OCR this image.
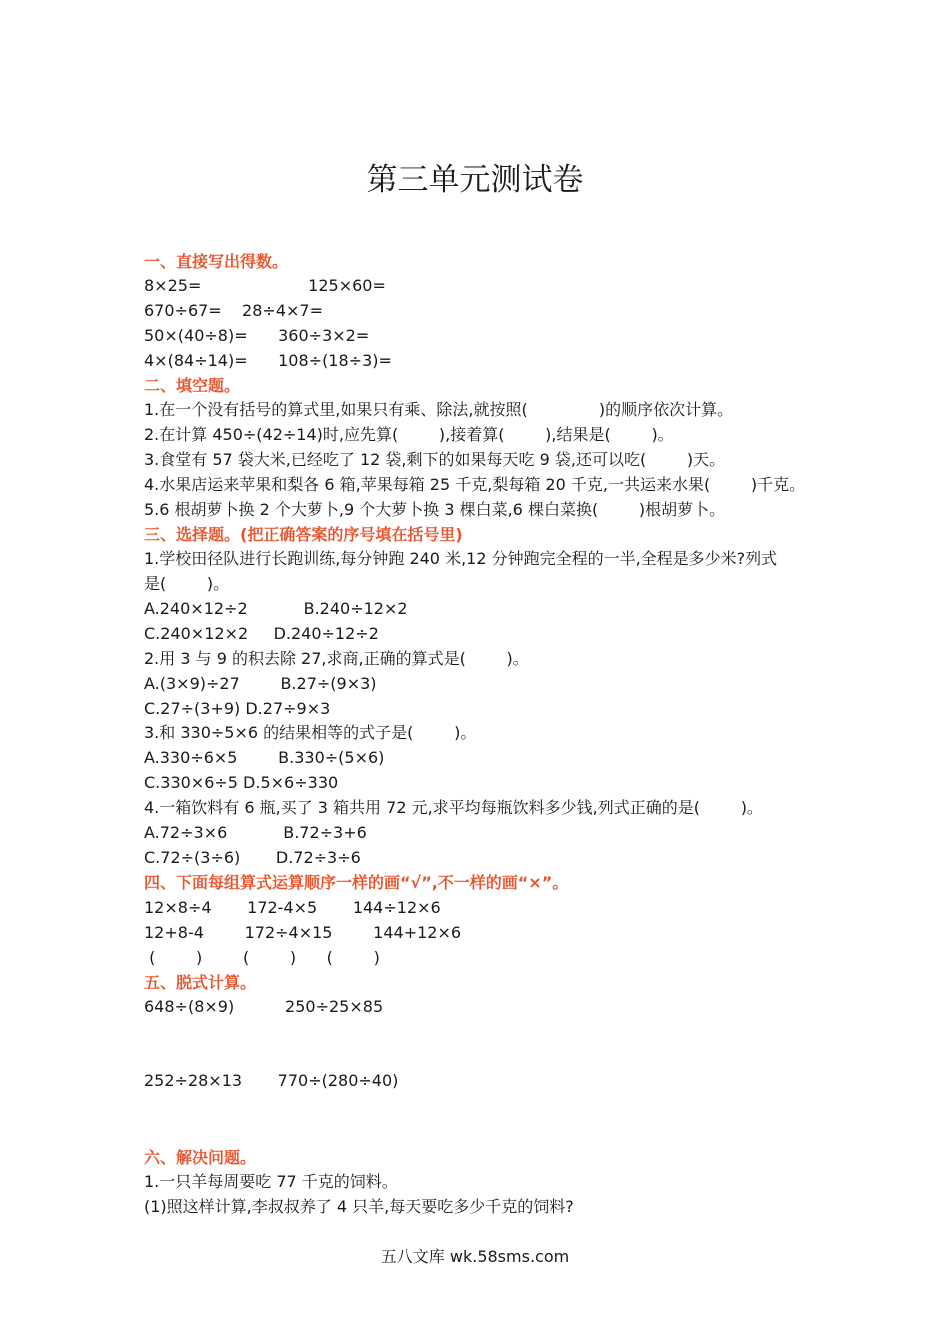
第三单元测试卷
一、直接写出得数。
8×25=                     125×60=
670÷67=    28÷4×7=
50×(40÷8)=      360÷3×2=
4×(84÷14)=      108÷(18÷3)=
二、填空题。
1.在一个没有括号的算式里,如果只有乘、除法,就按照(              )的顺序依次计算。
2.在计算 450÷(42÷14)时,应先算(        ),接着算(        ),结果是(        )。
3.食堂有 57 袋大米,已经吃了 12 袋,剩下的如果每天吃 9 袋,还可以吃(        )天。
4.水果店运来苹果和梨各 6 箱,苹果每箱 25 千克,梨每箱 20 千克,一共运来水果(        )千克。
5.6 根胡萝卜换 2 个大萝卜,9 个大萝卜换 3 棵白菜,6 棵白菜换(        )根胡萝卜。
三、选择题。(把正确答案的序号填在括号里)
1.学校田径队进行长跑训练,每分钟跑 240 米,12 分钟跑完全程的一半,全程是多少米?列式
是(        )。
A.240×12÷2           B.240÷12×2
C.240×12×2     D.240÷12÷2
2.用 3 与 9 的积去除 27,求商,正确的算式是(        )。
A.(3×9)÷27        B.27÷(9×3)
C.27÷(3+9) D.27÷9×3
3.和 330÷5×6 的结果相等的式子是(        )。
A.330÷6×5        B.330÷(5×6)
C.330×6÷5 D.5×6÷330
4.一箱饮料有 6 瓶,买了 3 箱共用 72 元,求平均每瓶饮料多少钱,列式正确的是(        )。
A.72÷3×6           B.72÷3+6
C.72÷(3÷6)       D.72÷3÷6
四、下面每组算式运算顺序一样的画“√”,不一样的画“×”。
12×8÷4       172-4×5       144÷12×6
12+8-4        172÷4×15        144+12×6
(        )        (        )      (        )
五、脱式计算。
648÷(8×9)          250÷25×85
252÷28×13       770÷(280÷40)
六、解决问题。
1.一只羊每周要吃 77 千克的饲料。
(1)照这样计算,李叔叔养了 4 只羊,每天要吃多少千克的饲料?
五八文库 wk.58sms.com
